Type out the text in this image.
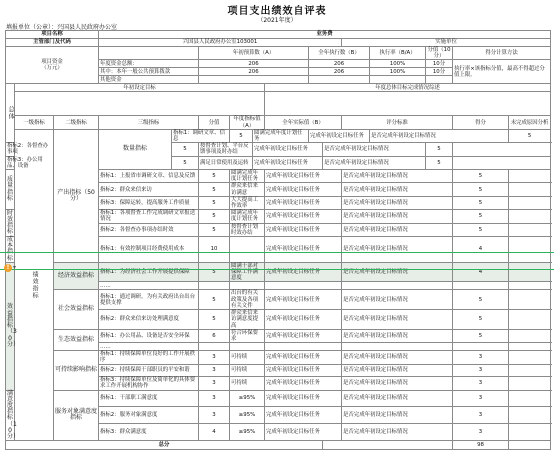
项目支出绩效自评表
（2021年度）
填报单位（公章）：兴国县人民政府办公室
项目名称			业务费													
主管部门及代码			兴国县人民政府办公室103001								实施单位					
项目资金
（万元）					年初预算数（A）				全年执行数（B）			执行率（B/A）	分值（10分）	得分计算方法		
			年度资金总额：		206				206			100%	10分	执行率×该指标分值，最高不得超过分值上限。		
			其中：本年一般公共预算拨款		206				206			100%	10分			
			其他资金													
总体	年初设定目标							年度总体目标完成情况综述								

	一级指标	二级指标	三级指标		分值	年度指标值（A）		全年实际值（B）			评分标准			得分	未完成原因分析	
	绩效指标	产出指标（50分）	数量指标	指标1：调研文章、信息		5	圆满完成年度计划任务		完成年初设定目标任务			是否完成年初设定目标情况			5	
指标2：各督查办事项				5	按督查计划、平台反馈事项及时办结		完成年初设定目标任务			是否完成年初设定目标情况			5			
指标3：办公用品、设备				5	满足日常使用及运转		完成年初设定目标任务			是否完成年初设定目标情况			5			
质量指标			指标1：上报省市调研文章、信息及反馈		5	圆满完成年度计划任务		完成年初设定目标任务			是否完成年初设定目标情况			5		
			指标2：群众来信来访		5	群众来信来访满意		完成年初设定目标任务			是否完成年初设定目标情况			5		
			指标3：保障运转，提高服务工作质量		5	大大提高工作效率		完成年初设定目标任务			是否完成年初设定目标情况			5		
时效指标			指标1：各项督查工作完成调研文章报送情况		5	圆满完成年度计划任务		完成年初设定目标任务			是否完成年初设定目标情况			5		
			指标2：各督查办事项办结时效		5	按督查计划时效办结		完成年初设定目标任务			是否完成年初设定目标情况			5		
成本指标			指标1：有效控制项目经费使用成本		10			完成年初设定目标任务			是否完成年初设定目标情况			4		
效益指标（30分）		经济效益指标	指标1：为经济社会工作开展提供保障		5	圆满干部对保障工作满意度		完成年初设定目标任务			是否完成年初设定目标情况			4		
			……													
		社会效益指标	指标1：通过调研，为有关政府出台出台提供支撑		5	出台的有关政策及各项有关文件		完成年初设定目标任务			是否完成年初设定目标情况			5		
			指标2：群众来信来访处理满意度		5	群众来信来访满意度提高		完成年初设定目标任务			是否完成年初设定目标情况			5		
		生态效益指标	指标1：办公用品、设备是否安全环保		6	符合环保要求		完成年初设定目标任务			是否完成年初设定目标情况			5		
			……													
		可持续影响指标	指标1：持续保障单位良好的工作开展秩序		3	可持续		完成年初设定目标任务			是否完成年初设定目标情况			3		
			指标2：持续保障干部职员的平安和谐		3	可持续		完成年初设定目标任务			是否完成年初设定目标情况			3		
			指标3：持续保障单位及简单化的具体要求工作开展机构协作		3	可持续		完成年初设定目标任务			是否完成年初设定目标情况			3		
满意度指标（10分）		服务对象满意度指标	指标1：干部职工满意度		3	≥95%		完成年初设定目标任务			是否完成年初设定目标情况			3		
			指标2：服务对象满意度		3	≥95%		完成年初设定目标任务			是否完成年初设定目标情况			3		
			指标3：群众满意度		4	≥95%		完成年初设定目标任务			是否完成年初设定目标情况			3		
总分														98		
! ▾
